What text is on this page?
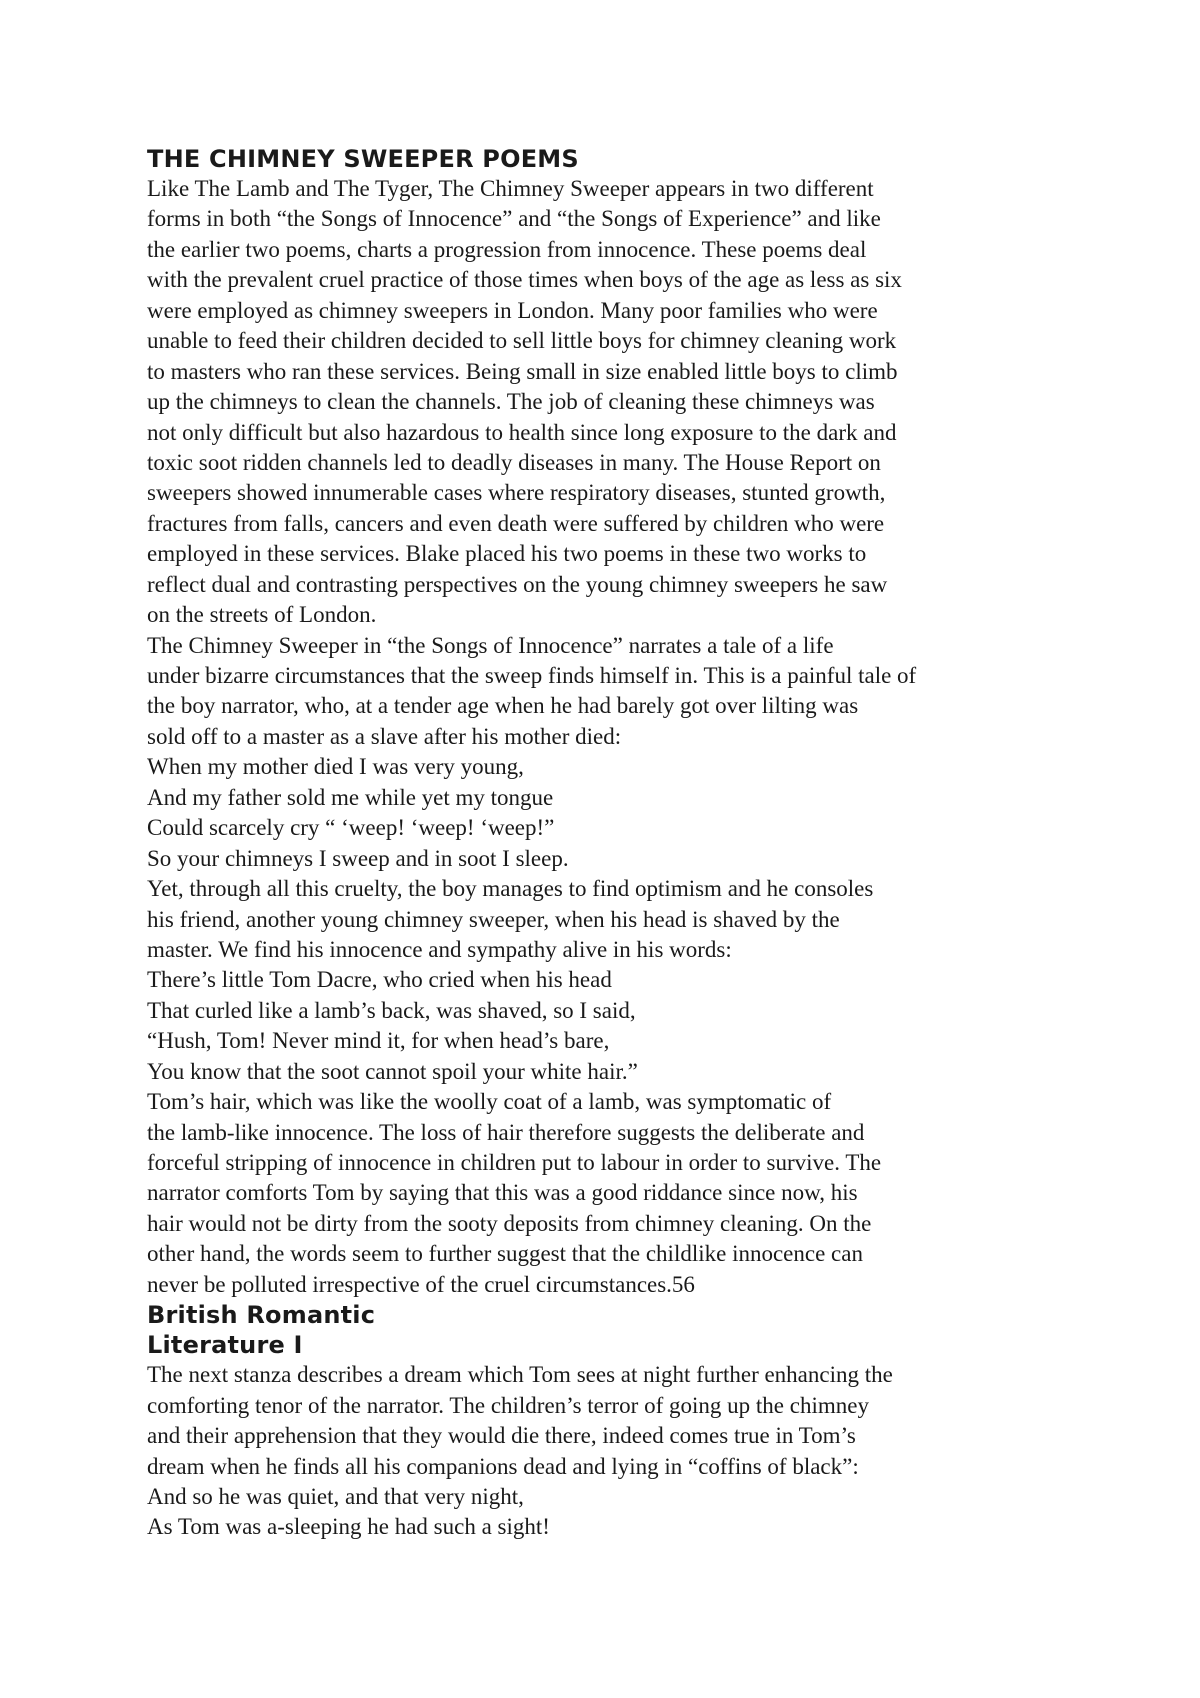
THE CHIMNEY SWEEPER POEMS
Like The Lamb and The Tyger, The Chimney Sweeper appears in two different
forms in both “the Songs of Innocence” and “the Songs of Experience” and like
the earlier two poems, charts a progression from innocence. These poems deal
with the prevalent cruel practice of those times when boys of the age as less as six
were employed as chimney sweepers in London. Many poor families who were
unable to feed their children decided to sell little boys for chimney cleaning work
to masters who ran these services. Being small in size enabled little boys to climb
up the chimneys to clean the channels. The job of cleaning these chimneys was
not only difficult but also hazardous to health since long exposure to the dark and
toxic soot ridden channels led to deadly diseases in many. The House Report on
sweepers showed innumerable cases where respiratory diseases, stunted growth,
fractures from falls, cancers and even death were suffered by children who were
employed in these services. Blake placed his two poems in these two works to
reflect dual and contrasting perspectives on the young chimney sweepers he saw
on the streets of London.
The Chimney Sweeper in “the Songs of Innocence” narrates a tale of a life
under bizarre circumstances that the sweep finds himself in. This is a painful tale of
the boy narrator, who, at a tender age when he had barely got over lilting was
sold off to a master as a slave after his mother died:
When my mother died I was very young,
And my father sold me while yet my tongue
Could scarcely cry “ ‘weep! ‘weep! ‘weep!”
So your chimneys I sweep and in soot I sleep.
Yet, through all this cruelty, the boy manages to find optimism and he consoles
his friend, another young chimney sweeper, when his head is shaved by the
master. We find his innocence and sympathy alive in his words:
There’s little Tom Dacre, who cried when his head
That curled like a lamb’s back, was shaved, so I said,
“Hush, Tom! Never mind it, for when head’s bare,
You know that the soot cannot spoil your white hair.”
Tom’s hair, which was like the woolly coat of a lamb, was symptomatic of
the lamb-like innocence. The loss of hair therefore suggests the deliberate and
forceful stripping of innocence in children put to labour in order to survive. The
narrator comforts Tom by saying that this was a good riddance since now, his
hair would not be dirty from the sooty deposits from chimney cleaning. On the
other hand, the words seem to further suggest that the childlike innocence can
never be polluted irrespective of the cruel circumstances.56
British Romantic
Literature I
The next stanza describes a dream which Tom sees at night further enhancing the
comforting tenor of the narrator. The children’s terror of going up the chimney
and their apprehension that they would die there, indeed comes true in Tom’s
dream when he finds all his companions dead and lying in “coffins of black”:
And so he was quiet, and that very night,
As Tom was a-sleeping he had such a sight!
